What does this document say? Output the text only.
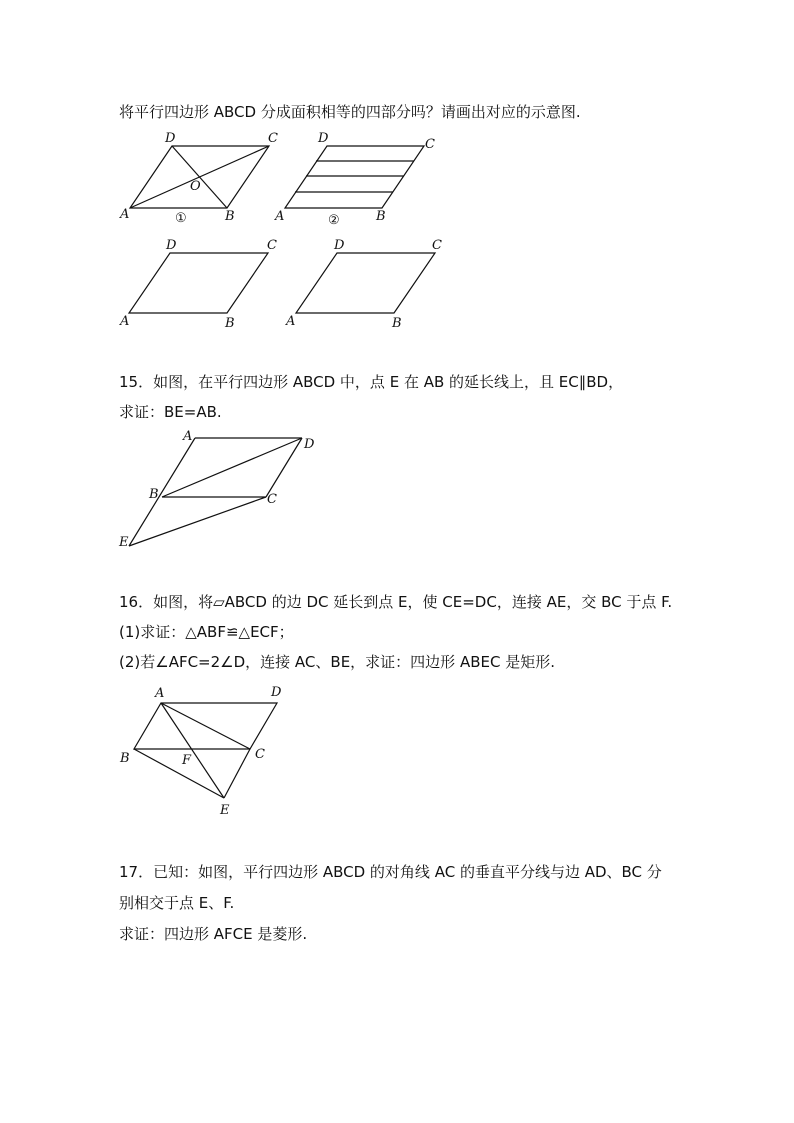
将平行四边形 ABCD 分成面积相等的四部分吗？请画出对应的示意图.
D	C
A	B
O
①
D	C
A	B
②
D	C
A	B
D	C
A	B
15．如图，在平行四边形 ABCD 中，点 E 在 AB 的延长线上，且 EC∥BD，
求证：BE=AB.
A
D
B	C
E
16．如图，将▱ABCD 的边 DC 延长到点 E，使 CE=DC，连接 AE，交 BC 于点 F.
(1)求证：△ABF≌△ECF；
(2)若∠AFC=2∠D，连接 AC、BE，求证：四边形 ABEC 是矩形.
A	D
B	C
F
E
17．已知：如图，平行四边形 ABCD 的对角线 AC 的垂直平分线与边 AD、BC 分
别相交于点 E、F.
求证：四边形 AFCE 是菱形.
